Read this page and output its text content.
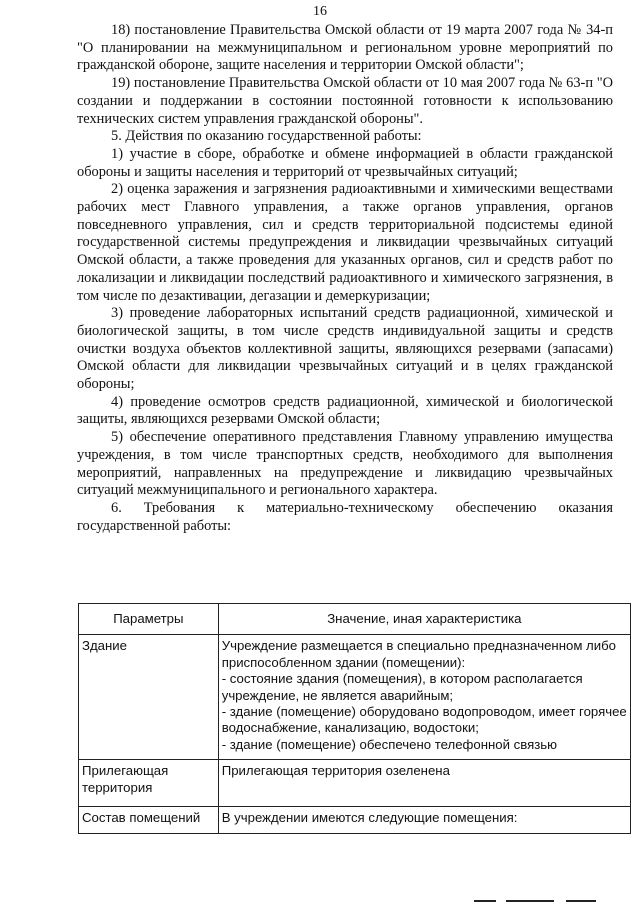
16

18) постановление Правительства Омской области от 19 марта 2007 года № 34-п "О планировании на межмуниципальном и региональном уровне мероприятий по гражданской обороне, защите населения и территории Омской области";

19) постановление Правительства Омской области от 10 мая 2007 года № 63-п "О создании и поддержании в состоянии постоянной готовности к использованию технических систем управления гражданской обороны".

5. Действия по оказанию государственной работы:

1) участие в сборе, обработке и обмене информацией в области гражданской обороны и защиты населения и территорий от чрезвычайных ситуаций;

2) оценка заражения и загрязнения радиоактивными и химическими веществами рабочих мест Главного управления, а также органов управления, органов повседневного управления, сил и средств территориальной подсистемы единой государственной системы предупреждения и ликвидации чрезвычайных ситуаций Омской области, а также проведения для указанных органов, сил и средств работ по локализации и ликвидации последствий радиоактивного и химического загрязнения, в том числе по дезактивации, дегазации и демеркуризации;

3) проведение лабораторных испытаний средств радиационной, химической и биологической защиты, в том числе средств индивидуальной защиты и средств очистки воздуха объектов коллективной защиты, являющихся резервами (запасами) Омской области для ликвидации чрезвычайных ситуаций и в целях гражданской обороны;

4) проведение осмотров средств радиационной, химической и биологической защиты, являющихся резервами Омской области;

5) обеспечение оперативного представления Главному управлению имущества учреждения, в том числе транспортных средств, необходимого для выполнения мероприятий, направленных на предупреждение и ликвидацию чрезвычайных ситуаций межмуниципального и регионального характера.

6. Требования к материально-техническому обеспечению оказания государственной работы:

Параметры	Значение, иная характеристика
Здание	Учреждение размещается в специально предназначенном либо приспособленном здании (помещении):
- состояние здания (помещения), в котором располагается учреждение, не является аварийным;
- здание (помещение) оборудовано водопроводом, имеет горячее водоснабжение, канализацию, водостоки;
- здание (помещение) обеспечено телефонной связью

Прилегающая территория	Прилегающая территория озеленена

Состав помещений	В учреждении имеются следующие помещения:
